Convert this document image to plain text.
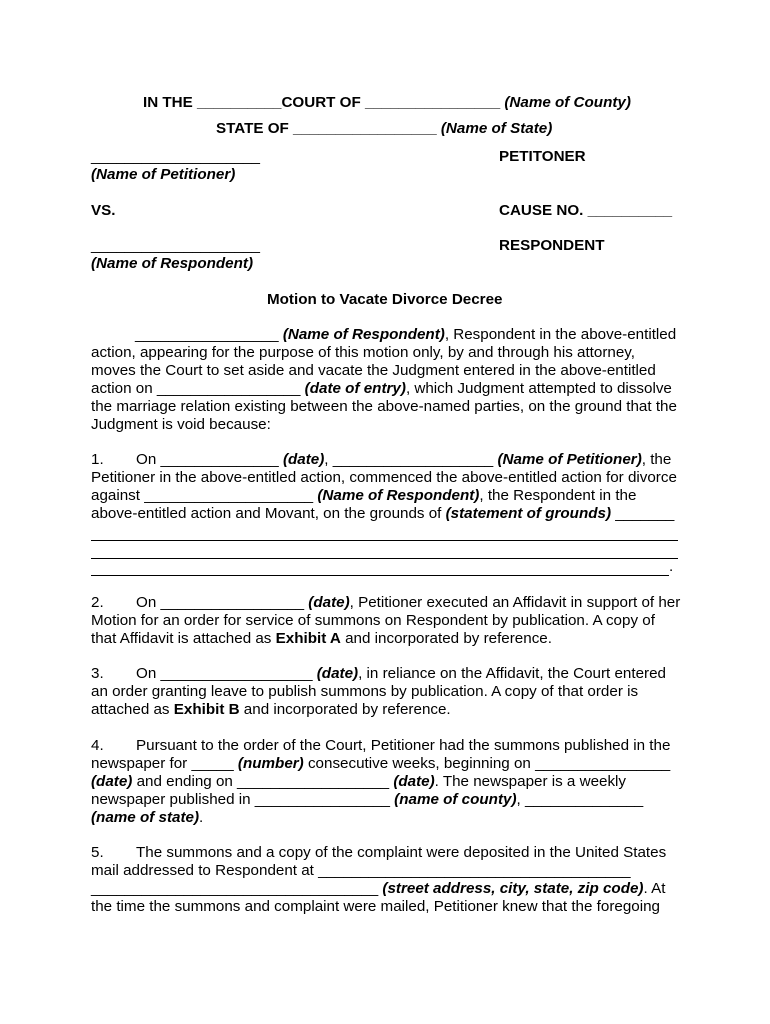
IN THE __________COURT OF ________________ (Name of County)
STATE OF _________________ (Name of State)
____________________
(Name of Petitioner)
PETITONER
VS.	CAUSE NO. __________
____________________
(Name of Respondent)
RESPONDENT
Motion to Vacate Divorce Decree
_________________ (Name of Respondent), Respondent in the above-entitled
action, appearing for the purpose of this motion only, by and through his attorney,
moves the Court to set aside and vacate the Judgment entered in the above-entitled
action on _________________ (date of entry), which Judgment attempted to dissolve
the marriage relation existing between the above-named parties, on the ground that the
Judgment is void because:
1. On ______________ (date), ___________________ (Name of Petitioner), the
Petitioner in the above-entitled action, commenced the above-entitled action for divorce
against ____________________ (Name of Respondent), the Respondent in the
above-entitled action and Movant, on the grounds of (statement of grounds) _______
.
2. On _________________ (date), Petitioner executed an Affidavit in support of her
Motion for an order for service of summons on Respondent by publication. A copy of
that Affidavit is attached as Exhibit A and incorporated by reference.
3. On __________________ (date), in reliance on the Affidavit, the Court entered
an order granting leave to publish summons by publication. A copy of that order is
attached as Exhibit B and incorporated by reference.
4. Pursuant to the order of the Court, Petitioner had the summons published in the
newspaper for _____ (number) consecutive weeks, beginning on ________________
(date) and ending on __________________ (date). The newspaper is a weekly
newspaper published in ________________ (name of county), ______________
(name of state).
5. The summons and a copy of the complaint were deposited in the United States
mail addressed to Respondent at _____________________________________
__________________________________ (street address, city, state, zip code). At
the time the summons and complaint were mailed, Petitioner knew that the foregoing
